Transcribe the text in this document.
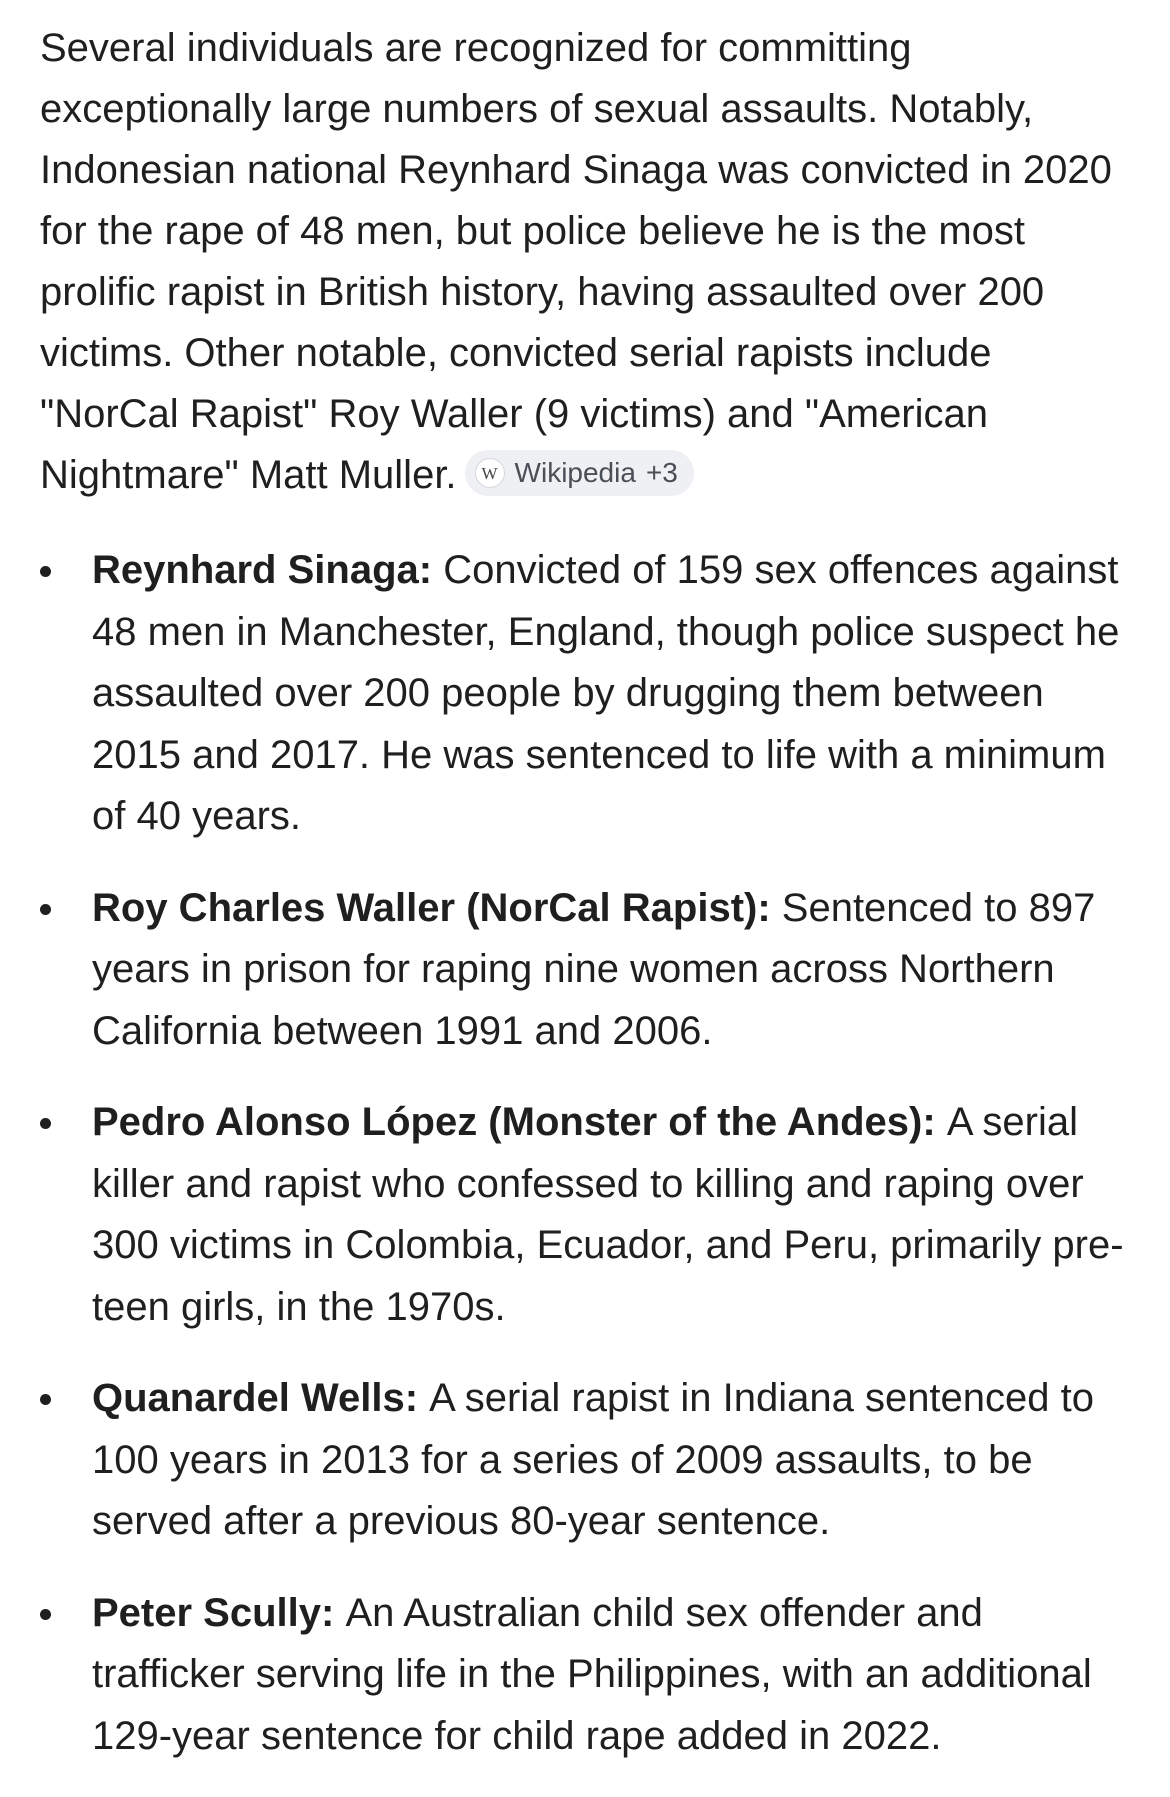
Several individuals are recognized for committing exceptionally large numbers of sexual assaults. Notably, Indonesian national Reynhard Sinaga was convicted in 2020 for the rape of 48 men, but police believe he is the most prolific rapist in British history, having assaulted over 200 victims. Other notable, convicted serial rapists include "NorCal Rapist" Roy Waller (9 victims) and "American Nightmare" Matt Muller.	W Wikipedia +3

Reynhard Sinaga: Convicted of 159 sex offences against 48 men in Manchester, England, though police suspect he assaulted over 200 people by drugging them between 2015 and 2017. He was sentenced to life with a minimum of 40 years.
Roy Charles Waller (NorCal Rapist): Sentenced to 897 years in prison for raping nine women across Northern California between 1991 and 2006.
Pedro Alonso López (Monster of the Andes): A serial killer and rapist who confessed to killing and raping over 300 victims in Colombia, Ecuador, and Peru, primarily pre-teen girls, in the 1970s.
Quanardel Wells: A serial rapist in Indiana sentenced to 100 years in 2013 for a series of 2009 assaults, to be served after a previous 80-year sentence.
Peter Scully: An Australian child sex offender and trafficker serving life in the Philippines, with an additional 129-year sentence for child rape added in 2022.
